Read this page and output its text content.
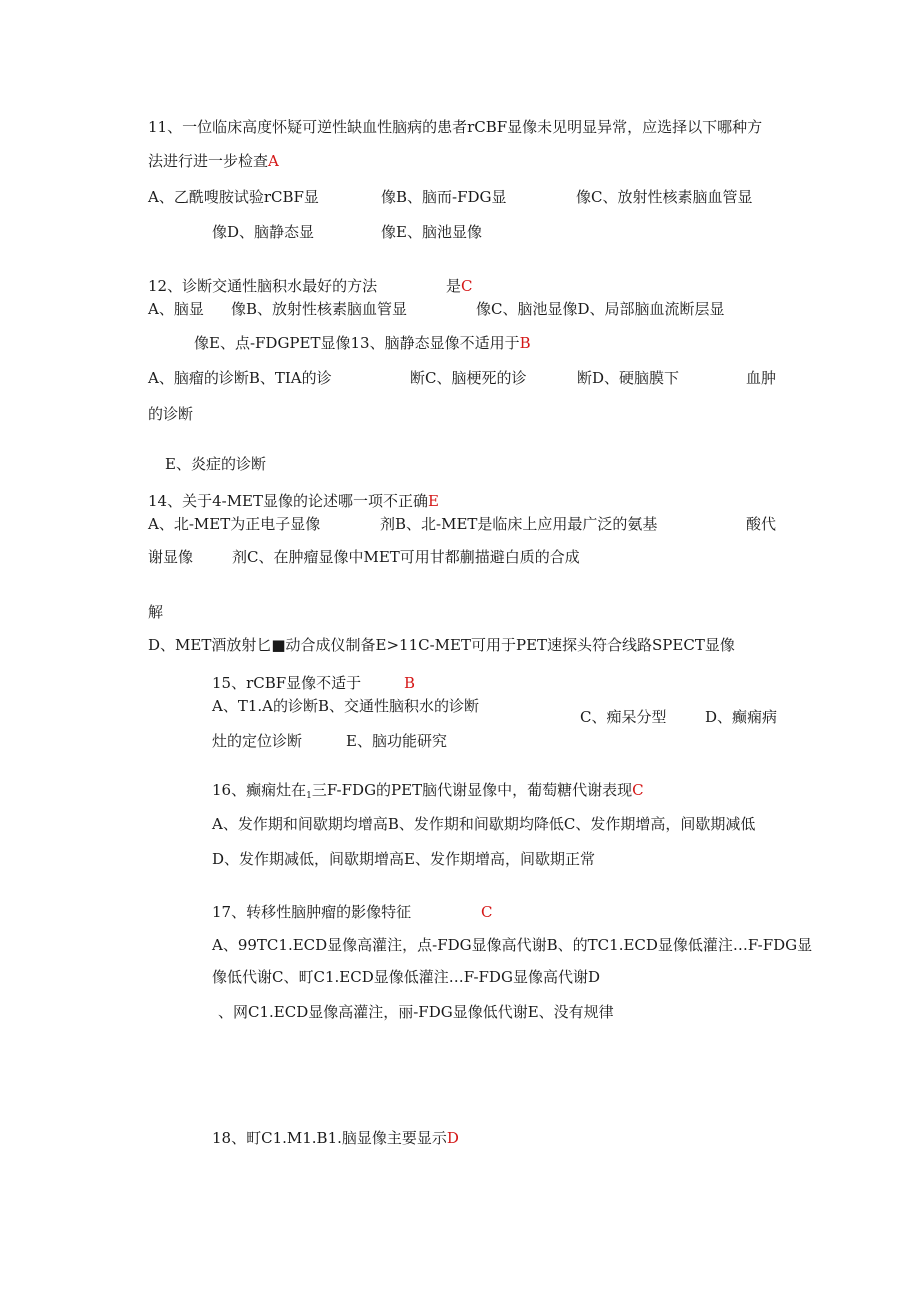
11、一位临床高度怀疑可逆性缺血性脑病的患者rCBF显像未见明显异常，应选择以下哪种方
法进行进一步检查A
A、乙酰嗖胺试验rCBF显	像B、脑而-FDG显	像C、放射性核素脑血管显
像D、脑静态显	像E、脑池显像
12、诊断交通性脑积水最好的方法	是C
A、脑显 像B、放射性核素脑血管显	像C、脑池显像D、局部脑血流断层显
像E、点-FDGPET显像13、脑静态显像不适用于B
A、脑瘤的诊断B、TIA的诊	断C、脑梗死的诊	断D、硬脑膜下	血肿
的诊断
E、炎症的诊断
14、关于4-MET显像的论述哪一项不正确E
A、北-MET为正电子显像	剂B、北-MET是临床上应用最广泛的氨基	酸代
谢显像	剂C、在肿瘤显像中MET可用甘都蒯描避白质的合成
解
D、MET酒放射匕■动合成仪制备E>11C-MET可用于PET速探头符合线路SPECT显像
15、rCBF显像不适于	B
A、T1.A的诊断B、交通性脑积水的诊断
C、痴呆分型	D、癫痫病
灶的定位诊断	E、脑功能研究
16、癫痫灶在$_1$三F-FDG的PET脑代谢显像中，葡萄糖代谢表现C
A、发作期和间歇期均增高B、发作期和间歇期均降低C、发作期增高，间歇期减低
D、发作期减低，间歇期增高E、发作期增高，间歇期正常
17、转移性脑肿瘤的影像特征	C
A、99TC1.ECD显像高灌注，点-FDG显像高代谢B、的TC1.ECD显像低灌注…F-FDG显
像低代谢C、町C1.ECD显像低灌注…F-FDG显像高代谢D
、网C1.ECD显像高灌注，丽-FDG显像低代谢E、没有规律
18、町C1.M1.B1.脑显像主要显示D
